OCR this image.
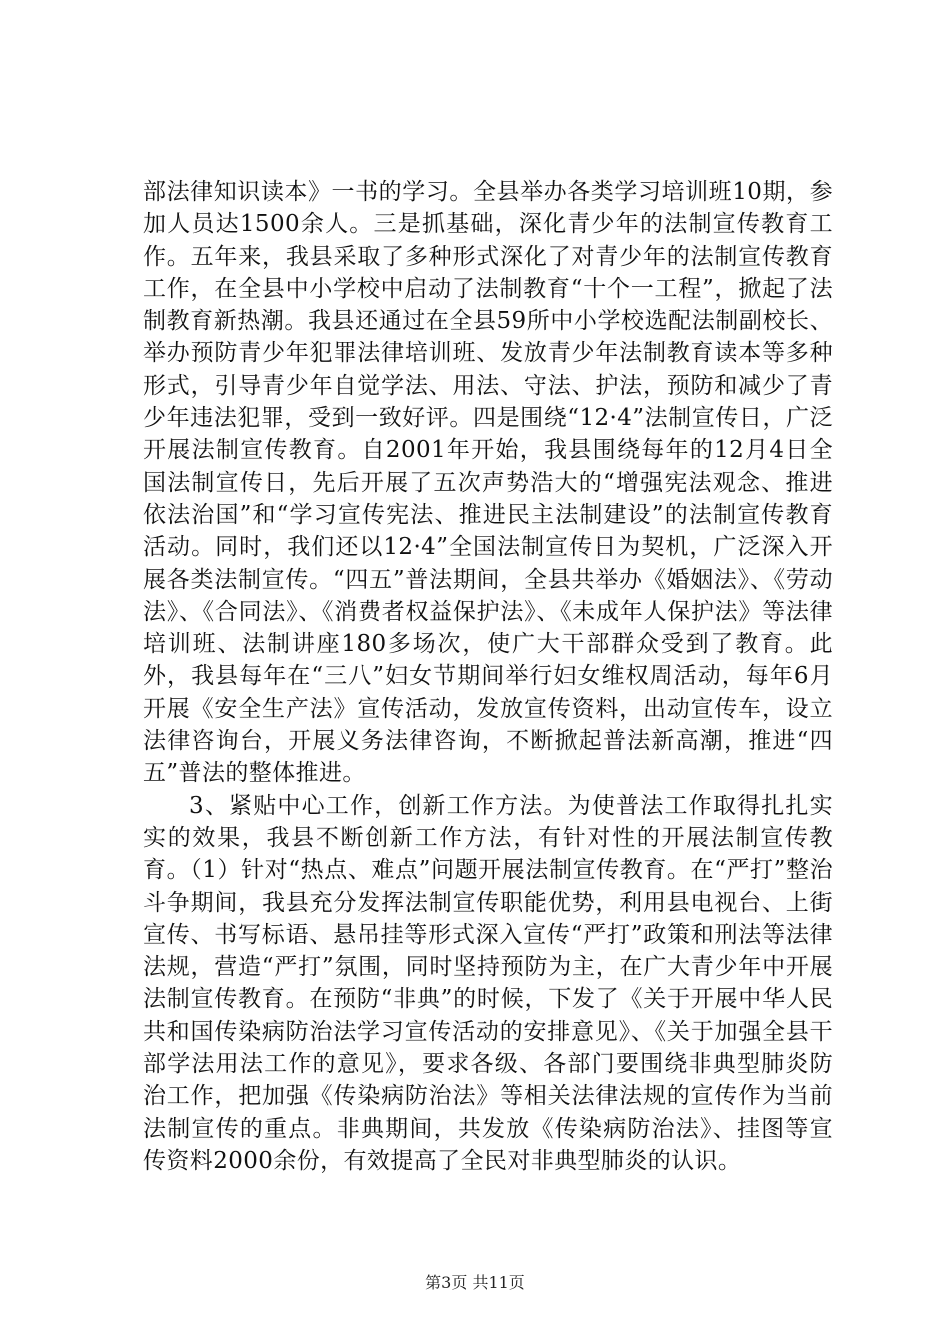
部法律知识读本》一书的学习。全县举办各类学习培训班10期，参加人员达1500余人。三是抓基础，深化青少年的法制宣传教育工作。五年来，我县采取了多种形式深化了对青少年的法制宣传教育工作，在全县中小学校中启动了法制教育“十个一工程”，掀起了法制教育新热潮。我县还通过在全县59所中小学校选配法制副校长、举办预防青少年犯罪法律培训班、发放青少年法制教育读本等多种形式，引导青少年自觉学法、用法、守法、护法，预防和减少了青少年违法犯罪，受到一致好评。四是围绕“12·4”法制宣传日，广泛开展法制宣传教育。自2001年开始，我县围绕每年的12月4日全国法制宣传日，先后开展了五次声势浩大的“增强宪法观念、推进依法治国”和“学习宣传宪法、推进民主法制建设”的法制宣传教育活动。同时，我们还以12·4”全国法制宣传日为契机，广泛深入开展各类法制宣传。“四五”普法期间，全县共举办《婚姻法》、《劳动法》、《合同法》、《消费者权益保护法》、《未成年人保护法》等法律培训班、法制讲座180多场次，使广大干部群众受到了教育。此外，我县每年在“三八”妇女节期间举行妇女维权周活动，每年6月开展《安全生产法》宣传活动，发放宣传资料，出动宣传车，设立法律咨询台，开展义务法律咨询，不断掀起普法新高潮，推进“四五”普法的整体推进。

3、紧贴中心工作，创新工作方法。为使普法工作取得扎扎实实的效果，我县不断创新工作方法，有针对性的开展法制宣传教育。（1）针对“热点、难点”问题开展法制宣传教育。在“严打”整治斗争期间，我县充分发挥法制宣传职能优势，利用县电视台、上街宣传、书写标语、悬吊挂等形式深入宣传“严打”政策和刑法等法律法规，营造“严打”氛围，同时坚持预防为主，在广大青少年中开展法制宣传教育。在预防“非典”的时候，下发了《关于开展中华人民共和国传染病防治法学习宣传活动的安排意见》、《关于加强全县干部学法用法工作的意见》，要求各级、各部门要围绕非典型肺炎防治工作，把加强《传染病防治法》等相关法律法规的宣传作为当前法制宣传的重点。非典期间，共发放《传染病防治法》、挂图等宣传资料2000余份，有效提高了全民对非典型肺炎的认识。

第3页 共11页
